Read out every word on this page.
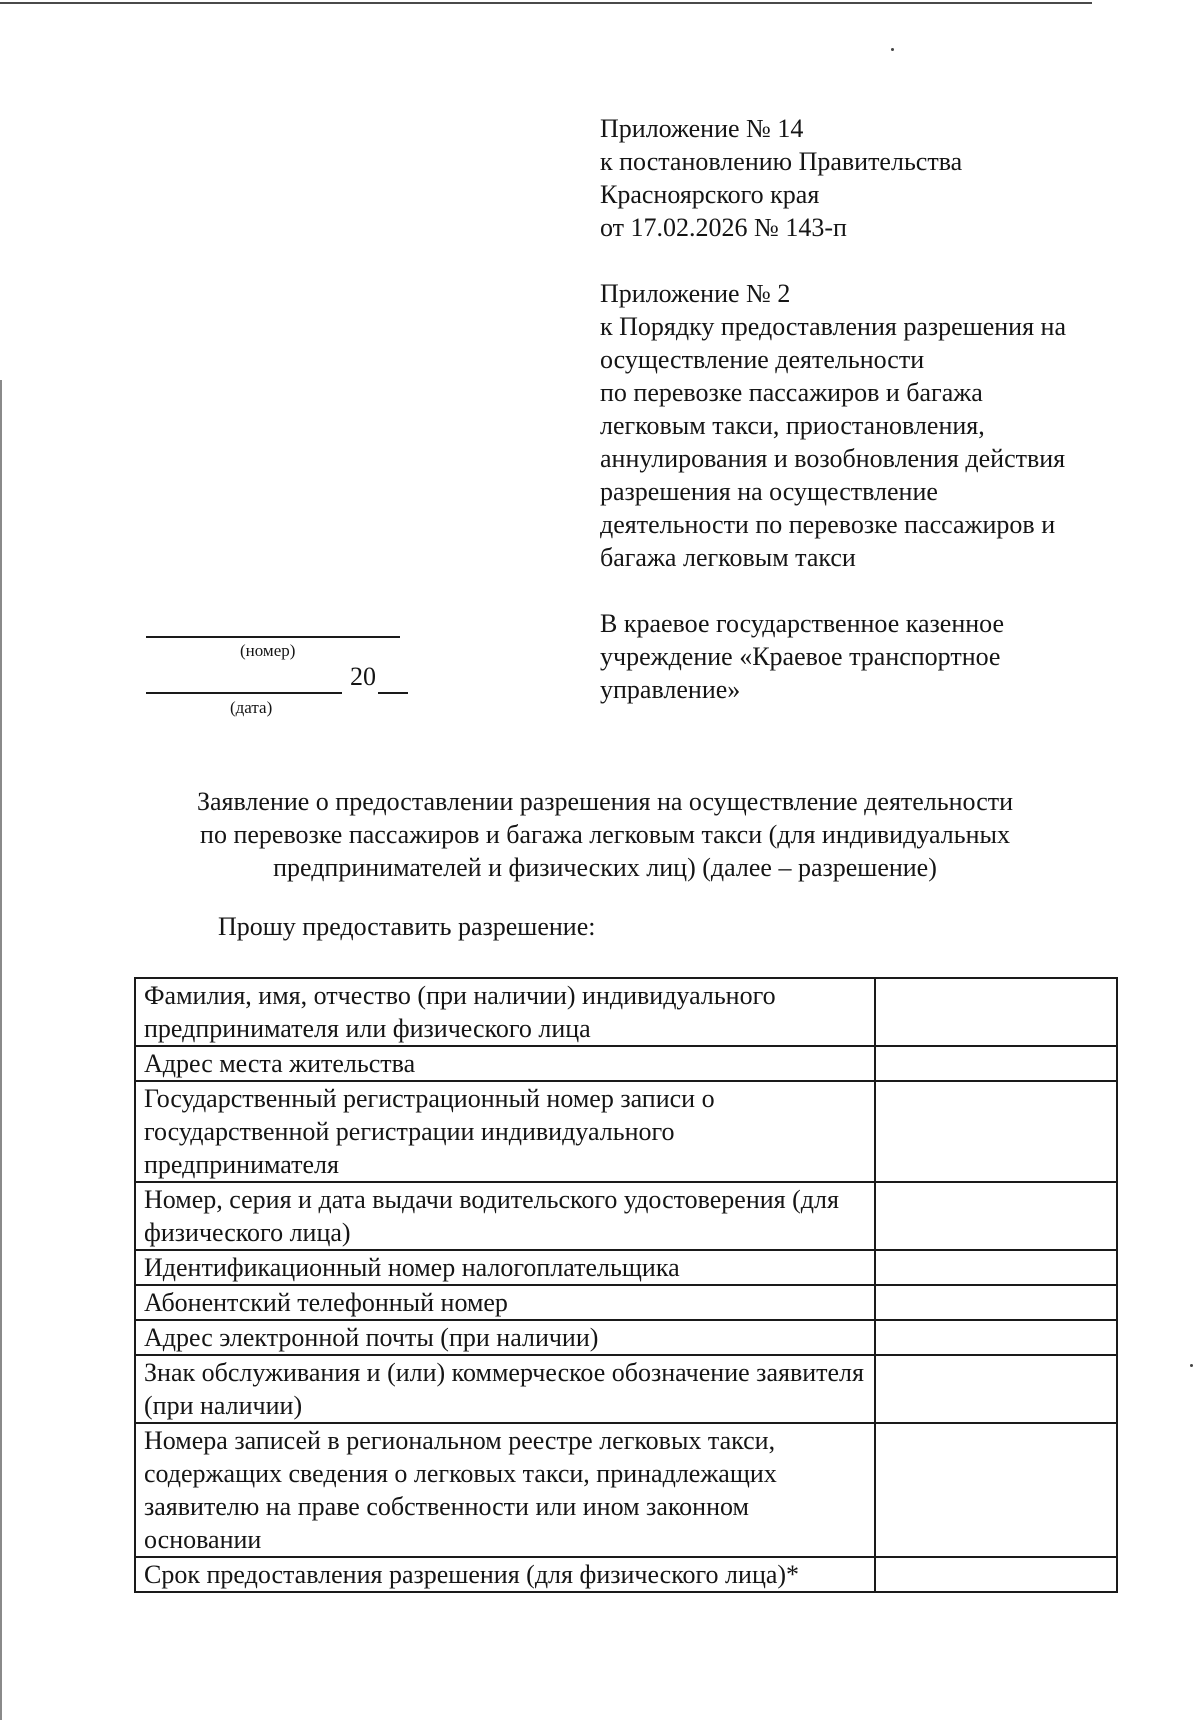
Приложение № 14
к постановлению Правительства
Красноярского края
от 17.02.2026 № 143-п
Приложение № 2
к Порядку предоставления разрешения на
осуществление деятельности
по перевозке пассажиров и багажа
легковым такси, приостановления,
аннулирования и возобновления действия
разрешения на осуществление
деятельности по перевозке пассажиров и
багажа легковым такси
В краевое государственное казенное
учреждение «Краевое транспортное
управление»
(номер)
20
(дата)
Заявление о предоставлении разрешения на осуществление деятельности
по перевозке пассажиров и багажа легковым такси (для индивидуальных
предпринимателей и физических лиц) (далее – разрешение)
Прошу предоставить разрешение:
Фамилия, имя, отчество (при наличии) индивидуального предпринимателя или физического лица	
Адрес места жительства	
Государственный регистрационный номер записи о государственной регистрации индивидуального предпринимателя	
Номер, серия и дата выдачи водительского удостоверения (для физического лица)	
Идентификационный номер налогоплательщика	
Абонентский телефонный номер	
Адрес электронной почты (при наличии)	
Знак обслуживания и (или) коммерческое обозначение заявителя (при наличии)	
Номера записей в региональном реестре легковых такси, содержащих сведения о легковых такси, принадлежащих заявителю на праве собственности или ином законном основании	
Срок предоставления разрешения (для физического лица)*	
